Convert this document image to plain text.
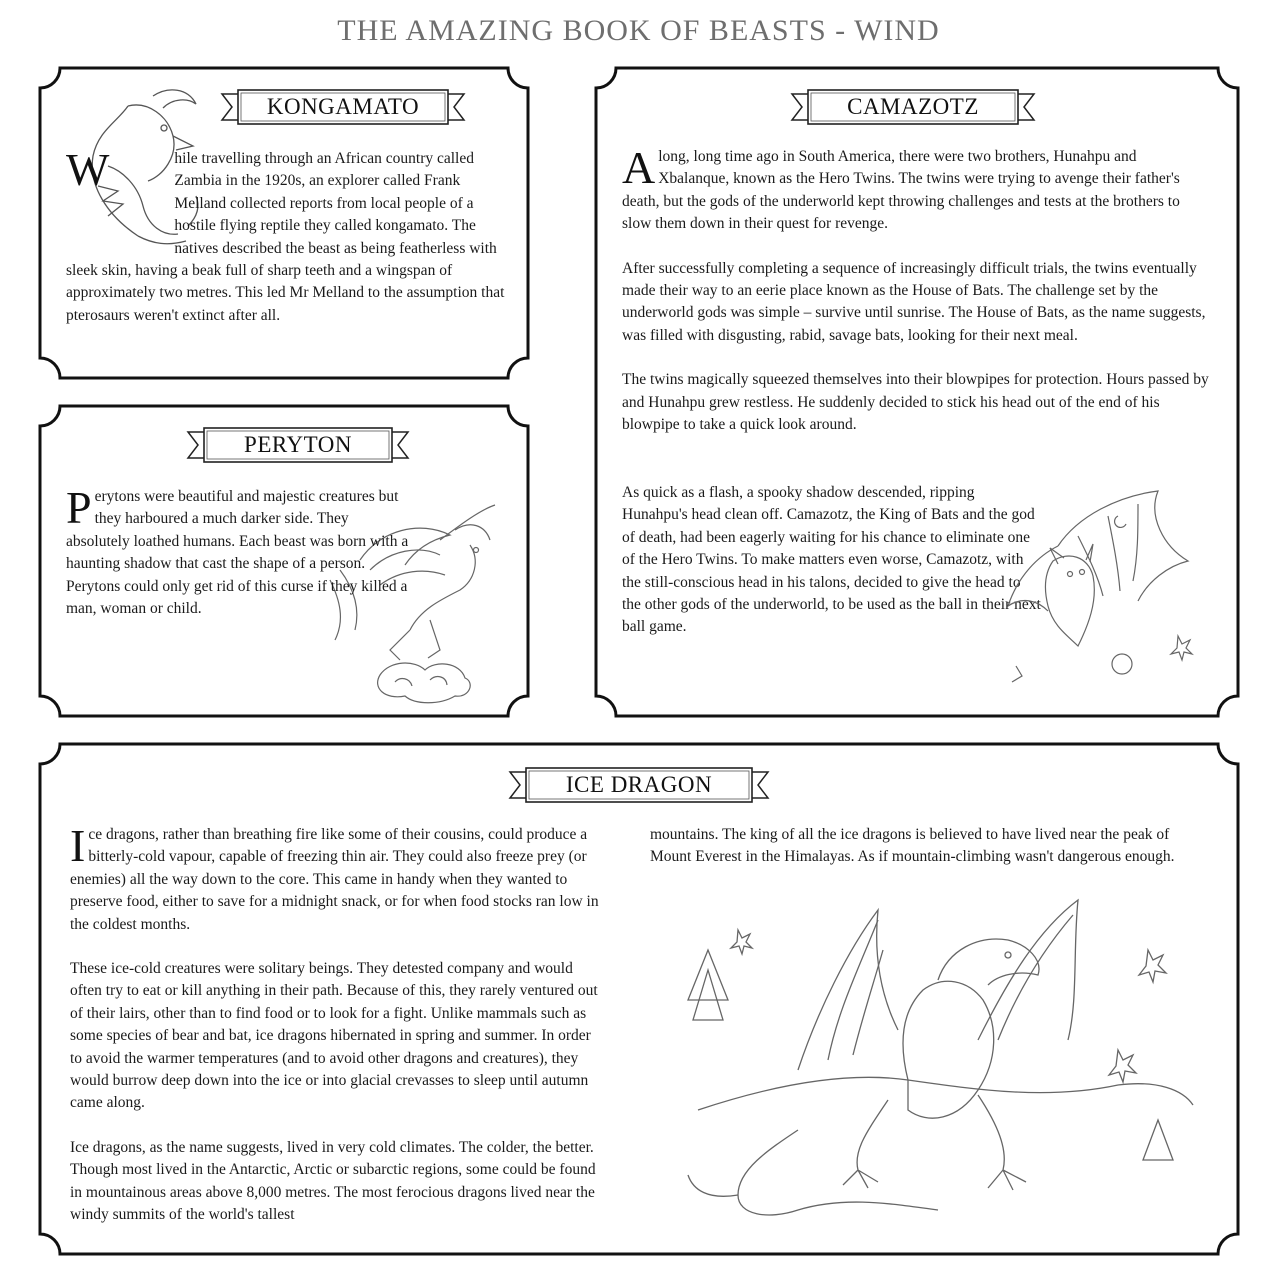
THE AMAZING BOOK OF BEASTS - WIND
KONGAMATO
W	hile travelling through an African country called Zambia in the 1920s, an explorer called Frank Melland collected reports from local people of a hostile flying reptile they called kongamato. The natives described the beast as being featherless with sleek skin, having a beak full of sharp teeth and a wingspan of approximately two metres. This led Mr Melland to the assumption that pterosaurs weren't extinct after all.

PERYTON
P erytons were beautiful and majestic creatures but they harboured a much darker side. They absolutely loathed humans. Each beast was born with a haunting shadow that cast the shape of a person. Perytons could only get rid of this curse if they killed a man, woman or child.

CAMAZOTZ
A long, long time ago in South America, there were two brothers, Hunahpu and Xbalanque, known as the Hero Twins. The twins were trying to avenge their father's death, but the gods of the underworld kept throwing challenges and tests at the brothers to slow them down in their quest for revenge.

After successfully completing a sequence of increasingly difficult trials, the twins eventually made their way to an eerie place known as the House of Bats. The challenge set by the underworld gods was simple – survive until sunrise. The House of Bats, as the name suggests, was filled with disgusting, rabid, savage bats, looking for their next meal.

The twins magically squeezed themselves into their blowpipes for protection. Hours passed by and Hunahpu grew restless. He suddenly decided to stick his head out of the end of his blowpipe to take a quick look around.

As quick as a flash, a spooky shadow descended, ripping Hunahpu's head clean off. Camazotz, the King of Bats and the god of death, had been eagerly waiting for his chance to eliminate one of the Hero Twins. To make matters even worse, Camazotz, with the still-conscious head in his talons, decided to give the head to the other gods of the underworld, to be used as the ball in their next ball game.

ICE DRAGON
I ce dragons, rather than breathing fire like some of their cousins, could produce a bitterly-cold vapour, capable of freezing thin air. They could also freeze prey (or enemies) all the way down to the core. This came in handy when they wanted to preserve food, either to save for a midnight snack, or for when food stocks ran low in the coldest months.

These ice-cold creatures were solitary beings. They detested company and would often try to eat or kill anything in their path. Because of this, they rarely ventured out of their lairs, other than to find food or to look for a fight. Unlike mammals such as some species of bear and bat, ice dragons hibernated in spring and summer. In order to avoid the warmer temperatures (and to avoid other dragons and creatures), they would burrow deep down into the ice or into glacial crevasses to sleep until autumn came along.

Ice dragons, as the name suggests, lived in very cold climates. The colder, the better. Though most lived in the Antarctic, Arctic or subarctic regions, some could be found in mountainous areas above 8,000 metres. The most ferocious dragons lived near the windy summits of the world's tallest

mountains. The king of all the ice dragons is believed to have lived near the peak of Mount Everest in the Himalayas. As if mountain-climbing wasn't dangerous enough.
